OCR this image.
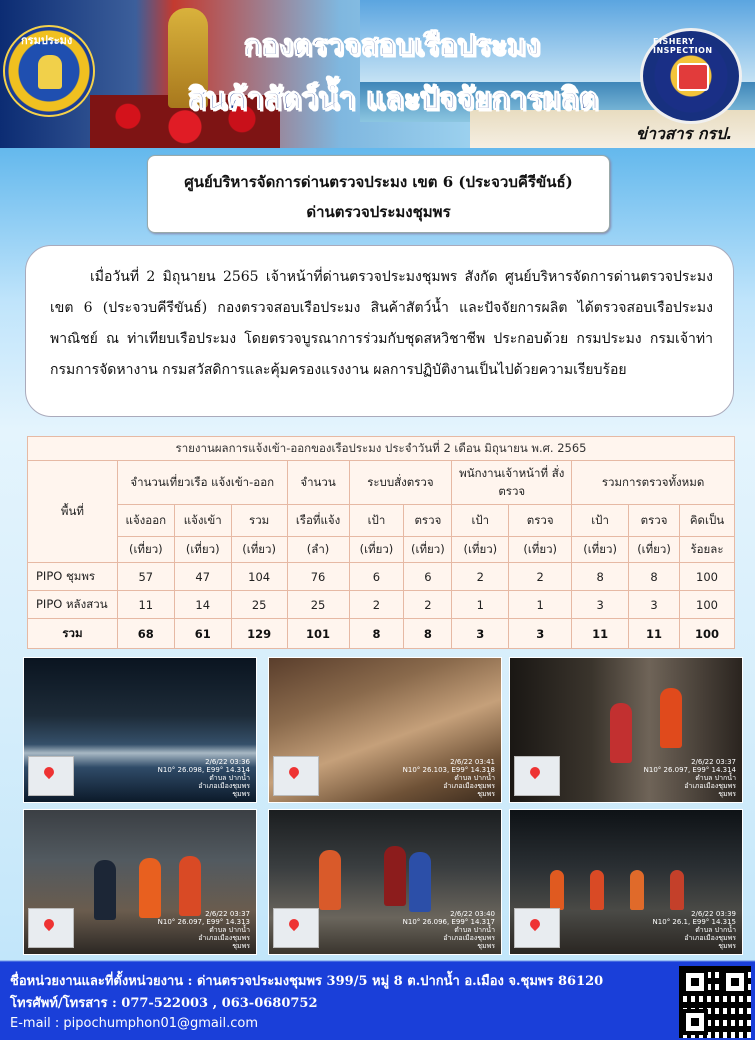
กรมประมง	กองตรวจสอบเรือประมง
สินค้าสัตว์น้ำ และปัจจัยการผลิต
FISHERY INSPECTION
ข่าวสาร กรป.
ศูนย์บริหารจัดการด่านตรวจประมง เขต 6 (ประจวบคีรีขันธ์)
ด่านตรวจประมงชุมพร

เมื่อวันที่ 2 มิถุนายน 2565 เจ้าหน้าที่ด่านตรวจประมงชุมพร สังกัด ศูนย์บริหารจัดการด่านตรวจประมง เขต 6 (ประจวบคีรีขันธ์) กองตรวจสอบเรือประมง สินค้าสัตว์น้ำ และปัจจัยการผลิต ได้ตรวจสอบเรือประมงพาณิชย์ ณ ท่าเทียบเรือประมง โดยตรวจบูรณาการร่วมกับชุดสหวิชาชีพ ประกอบด้วย กรมประมง กรมเจ้าท่า กรมการจัดหางาน กรมสวัสดิการและคุ้มครองแรงงาน ผลการปฏิบัติงานเป็นไปด้วยความเรียบร้อย

รายงานผลการแจ้งเข้า-ออกของเรือประมง ประจำวันที่ 2 เดือน มิถุนายน พ.ศ. 2565											
พื้นที่	จำนวนเที่ยวเรือ แจ้งเข้า-ออก			จำนวน	ระบบสั่งตรวจ		พนักงานเจ้าหน้าที่ สั่งตรวจ		รวมการตรวจทั้งหมด		
	แจ้งออก	แจ้งเข้า	รวม	เรือที่แจ้ง	เป้า	ตรวจ	เป้า	ตรวจ	เป้า	ตรวจ	คิดเป็น
	(เที่ยว)	(เที่ยว)	(เที่ยว)	(ลำ)	(เที่ยว)	(เที่ยว)	(เที่ยว)	(เที่ยว)	(เที่ยว)	(เที่ยว)	ร้อยละ
PIPO ชุมพร	57	47	104	76	6	6	2	2	8	8	100
PIPO หลังสวน	11	14	25	25	2	2	1	1	3	3	100
รวม	68	61	129	101	8	8	3	3	11	11	100
2/6/22 03:36
N10° 26.098, E99° 14.314
ตำบล ปากน้ำ
อำเภอเมืองชุมพร
ชุมพร
2/6/22 03:41
N10° 26.103, E99° 14.318
ตำบล ปากน้ำ
อำเภอเมืองชุมพร
ชุมพร
2/6/22 03:37
N10° 26.097, E99° 14.314
ตำบล ปากน้ำ
อำเภอเมืองชุมพร
ชุมพร
2/6/22 03:37
N10° 26.097, E99° 14.313
ตำบล ปากน้ำ
อำเภอเมืองชุมพร
ชุมพร
2/6/22 03:40
N10° 26.096, E99° 14.317
ตำบล ปากน้ำ
อำเภอเมืองชุมพร
ชุมพร
2/6/22 03:39
N10° 26.1, E99° 14.315
ตำบล ปากน้ำ
อำเภอเมืองชุมพร
ชุมพร
ชื่อหน่วยงานและที่ตั้งหน่วยงาน : ด่านตรวจประมงชุมพร 399/5 หมู่ 8 ต.ปากน้ำ อ.เมือง จ.ชุมพร 86120
โทรศัพท์/โทรสาร : 077-522003 , 063-0680752
E-mail : pipochumphon01@gmail.com
